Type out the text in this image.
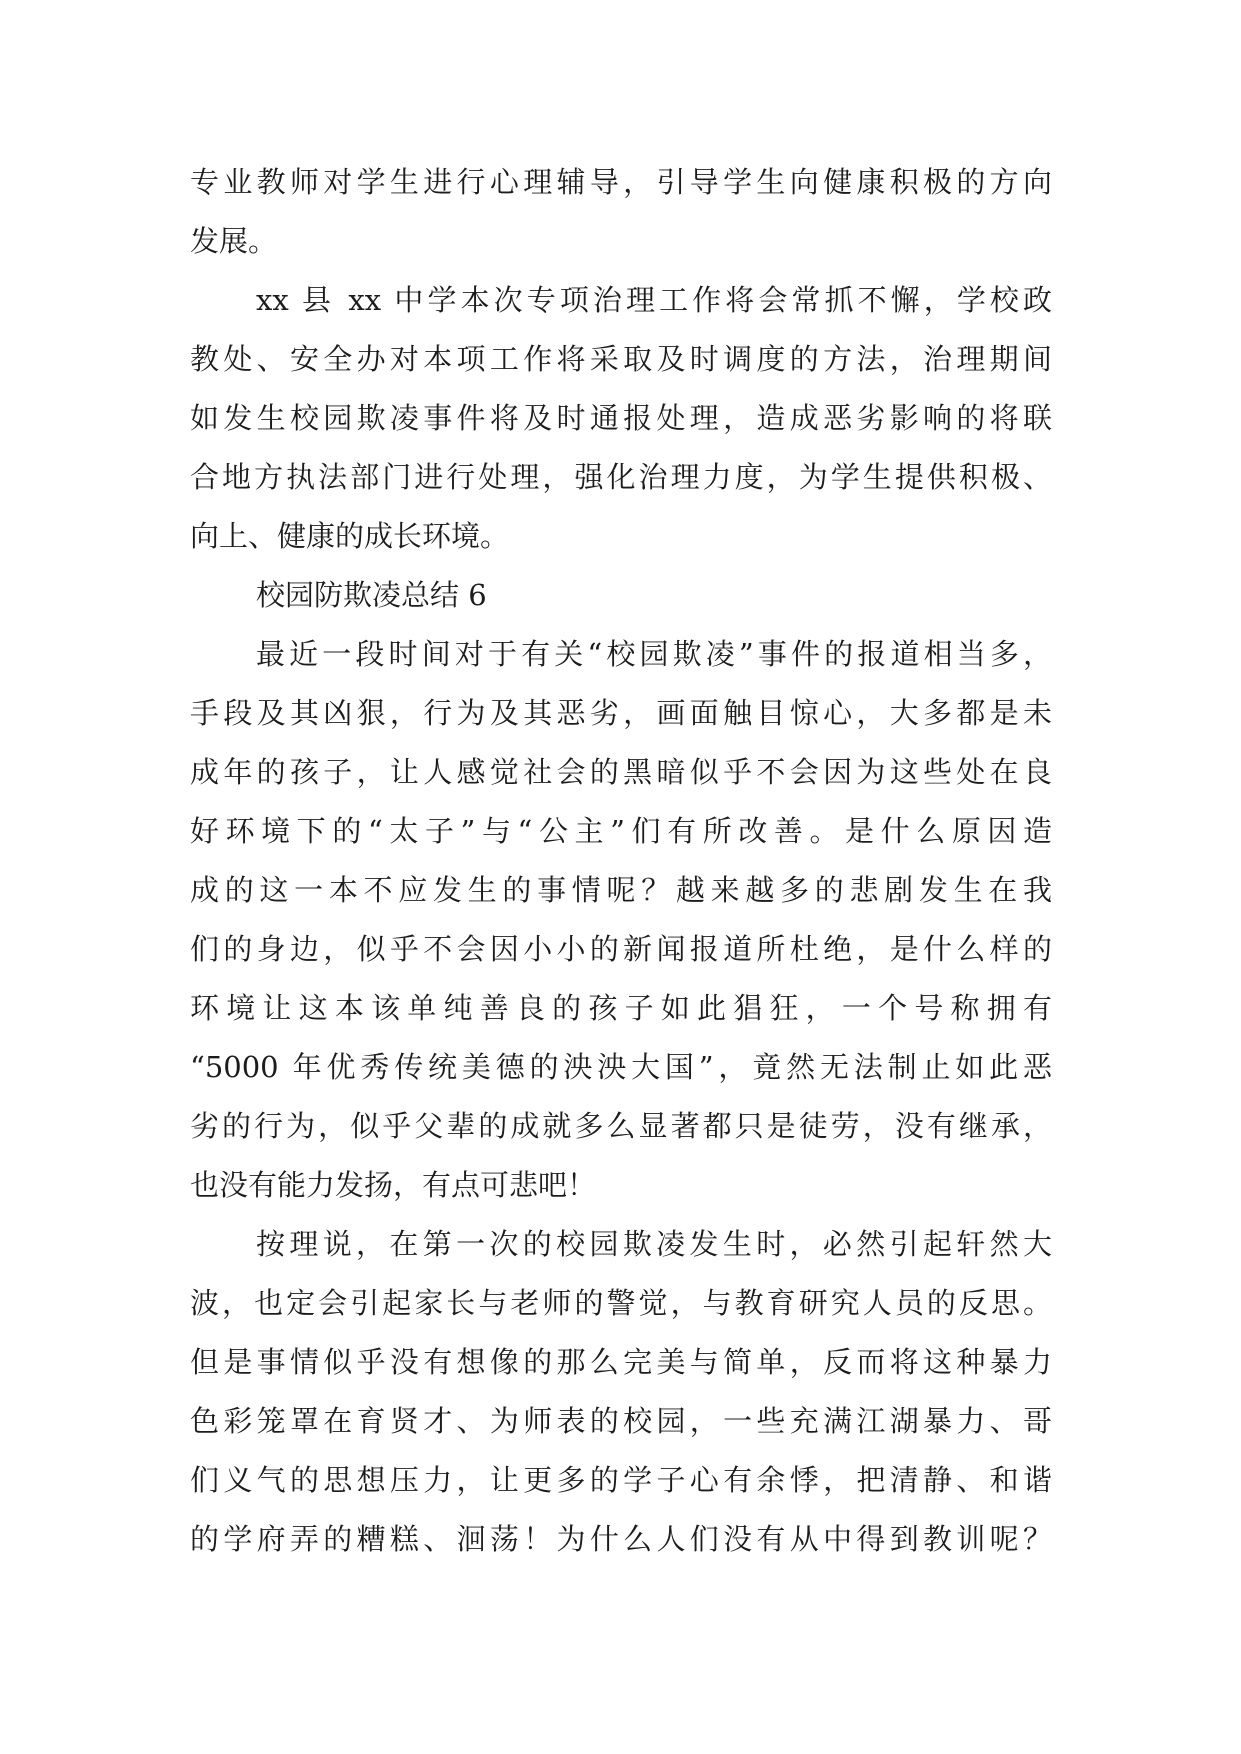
专业教师对学生进行心理辅导，引导学生向健康积极的方向
发展。
xx 县 xx 中学本次专项治理工作将会常抓不懈，学校政
教处、安全办对本项工作将采取及时调度的方法，治理期间
如发生校园欺凌事件将及时通报处理，造成恶劣影响的将联
合地方执法部门进行处理，强化治理力度，为学生提供积极、
向上、健康的成长环境。
校园防欺凌总结 6
最近一段时间对于有关“校园欺凌”事件的报道相当多，
手段及其凶狠，行为及其恶劣，画面触目惊心，大多都是未
成年的孩子，让人感觉社会的黑暗似乎不会因为这些处在良
好环境下的“太子”与“公主”们有所改善。是什么原因造
成的这一本不应发生的事情呢？越来越多的悲剧发生在我
们的身边，似乎不会因小小的新闻报道所杜绝，是什么样的
环境让这本该单纯善良的孩子如此猖狂，一个号称拥有
“5000 年优秀传统美德的泱泱大国”，竟然无法制止如此恶
劣的行为，似乎父辈的成就多么显著都只是徒劳，没有继承，
也没有能力发扬，有点可悲吧！
按理说，在第一次的校园欺凌发生时，必然引起轩然大
波，也定会引起家长与老师的警觉，与教育研究人员的反思。
但是事情似乎没有想像的那么完美与简单，反而将这种暴力
色彩笼罩在育贤才、为师表的校园，一些充满江湖暴力、哥
们义气的思想压力，让更多的学子心有余悸，把清静、和谐
的学府弄的糟糕、洄荡！为什么人们没有从中得到教训呢？
